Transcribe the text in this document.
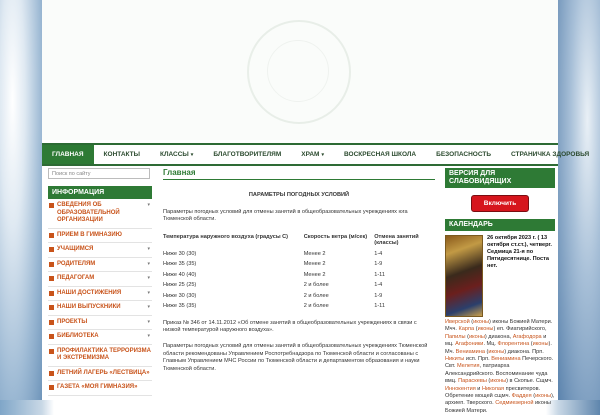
ГЛАВНАЯ	КОНТАКТЫ	КЛАССЫ ▾	БЛАГОТВОРИТЕЛЯМ	ХРАМ ▾	ВОСКРЕСНАЯ ШКОЛА	БЕЗОПАСНОСТЬ	СТРАНИЧКА ЗДОРОВЬЯ
Поиск по сайту
ИНФОРМАЦИЯ
СВЕДЕНИЯ ОБ ОБРАЗОВАТЕЛЬНОЙ ОРГАНИЗАЦИИ
▾
ПРИЕМ В ГИМНАЗИЮ
УЧАЩИМСЯ	▾
РОДИТЕЛЯМ	▾
ПЕДАГОГАМ	▾
НАШИ ДОСТИЖЕНИЯ	▾
НАШИ ВЫПУСКНИКИ	▾
ПРОЕКТЫ	▾
БИБЛИОТЕКА	▾
ПРОФИЛАКТИКА ТЕРРОРИЗМА И ЭКСТРЕМИЗМА
ЛЕТНИЙ ЛАГЕРЬ «ЛЕСТВИЦА»
ГАЗЕТА «МОЯ ГИМНАЗИЯ»
Главная
ПАРАМЕТРЫ ПОГОДНЫХ УСЛОВИЙ
Параметры погодных условий для отмены занятий в общеобразовательных учреждениях юга Тюменской области.
Температура наружного воздуха (градусы С)	Скорость ветра (м/сек)	Отмена занятий (классы)
Ниже 30 (30)	Менее 2	1-4
Ниже 35 (35)	Менее 2	1-9
Ниже 40 (40)	Менее 2	1-11
Ниже 25 (25)	2 и более	1-4
Ниже 30 (30)	2 и более	1-9
Ниже 35 (35)	2 и более	1-11
Приказ № 346 от 14.11.2012 «Об отмене занятий в общеобразовательных учреждениях в связи с низкой температурой наружного воздуха».
Параметры погодных условий для отмены занятий в общеобразовательных учреждениях Тюменской области рекомендованы Управлением Роспотребнадзора по Тюменской области и согласованы с Главным Управлением МЧС России по Тюменской области и департаментом образования и науки Тюменской области.
ВЕРСИЯ ДЛЯ СЛАБОВИДЯЩИХ
Включить
КАЛЕНДАРЬ
26 октября 2023 г. ( 13 октября ст.ст.), четверг. Седмица 21-я по Пятидесятнице. Поста нет.
Иверской (иконы) иконы Божией Матери. Мчч. Карпа (иконы) еп. Фиатирийского, Папилы (иконы) диакона, Агафодора и мц. Агафоники. Мц. Флорентина (иконы). Мч. Вениамина (иконы) диакона. Прп. Никиты исп. Прп. Вениамина Печерского. Свт. Мелетия, патриарха Александрийского. Воспоминание чуда вмц. Параскевы (иконы) в Скопье. Сщмч. Иннокентия и Николая пресвитеров. Обретение мощей сщмч. Фаддея (иконы), архиеп. Тверского. Седмиезерной иконы Божией Матери.
